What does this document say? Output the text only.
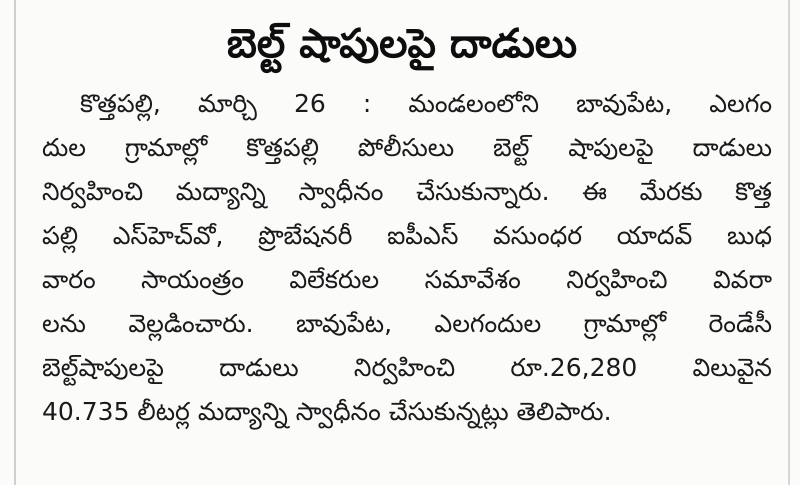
బెల్ట్‌ షాపులపై దాడులు
కొత్తపల్లి, మార్చి 26 : మండలంలోని బావుపేట, ఎలగం
దుల గ్రామాల్లో కొత్తపల్లి పోలీసులు బెల్ట్‌ షాపులపై దాడులు
నిర్వహించి మద్యాన్ని స్వాధీనం చేసుకున్నారు. ఈ మేరకు కొత్త
పల్లి ఎస్‌హెచ్‌వో, ప్రొబేషనరీ ఐపీఎస్‌ వసుంధర యాదవ్‌ బుధ
వారం సాయంత్రం విలేకరుల సమావేశం నిర్వహించి వివరా
లను వెల్లడించారు. బావుపేట, ఎలగందుల గ్రామాల్లో రెండేసీ
బెల్ట్‌షాపులపై దాడులు నిర్వహించి రూ.26,280 విలువైన
40.735 లీటర్ల మద్యాన్ని స్వాధీనం చేసుకున్నట్లు తెలిపారు.
